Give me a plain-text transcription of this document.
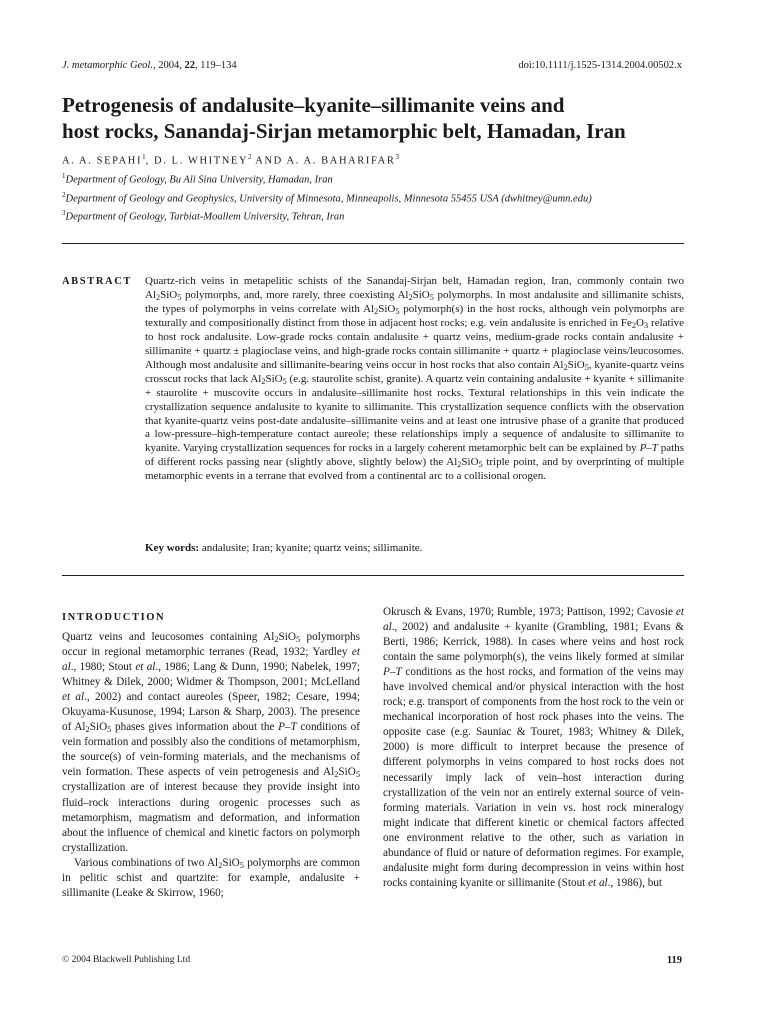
J. metamorphic Geol., 2004, 22, 119–134	doi:10.1111/j.1525-1314.2004.00502.x
Petrogenesis of andalusite–kyanite–sillimanite veins and
host rocks, Sanandaj-Sirjan metamorphic belt, Hamadan, Iran
A. A. SEPAHI$^1$, D. L. WHITNEY$^2$ AND A. A. BAHARIFAR$^3$
$^1$Department of Geology, Bu Ali Sina University, Hamadan, Iran
$^2$Department of Geology and Geophysics, University of Minnesota, Minneapolis, Minnesota 55455 USA (dwhitney@umn.edu)
$^3$Department of Geology, Tarbiat-Moallem University, Tehran, Iran
ABSTRACT Quartz-rich veins in metapelitic schists of the Sanandaj-Sirjan belt, Hamadan region, Iran, commonly contain two $Al_2SiO_5$ polymorphs, and, more rarely, three coexisting $Al_2SiO_5$ polymorphs. In most andalusite and sillimanite schists, the types of polymorphs in veins correlate with $Al_2SiO_5$ polymorph(s) in the host rocks, although vein polymorphs are texturally and compositionally distinct from those in adjacent host rocks; e.g. vein andalusite is enriched in $Fe_2O_3$ relative to host rock andalusite. Low-grade rocks contain andalusite + quartz veins, medium-grade rocks contain andalusite + sillimanite + quartz ± plagioclase veins, and high-grade rocks contain sillimanite + quartz + plagioclase veins/leucosomes. Although most andalusite and sillimanite-bearing veins occur in host rocks that also contain $Al_2SiO_5$, kyanite-quartz veins crosscut rocks that lack $Al_2SiO_5$ (e.g. staurolite schist, granite). A quartz vein containing andalusite + kyanite + sillimanite + staurolite + muscovite occurs in andalusite–sillimanite host rocks. Textural relationships in this vein indicate the crystallization sequence andalusite to kyanite to sillimanite. This crystallization sequence conflicts with the observation that kyanite-quartz veins post-date andalusite–sillimanite veins and at least one intrusive phase of a granite that produced a low-pressure–high-temperature contact aureole; these relationships imply a sequence of andalusite to sillimanite to kyanite. Varying crystallization sequences for rocks in a largely coherent metamorphic belt can be explained by P–T paths of different rocks passing near (slightly above, slightly below) the $Al_2SiO_5$ triple point, and by overprinting of multiple metamorphic events in a terrane that evolved from a continental arc to a collisional orogen.

Key words: andalusite; Iran; kyanite; quartz veins; sillimanite.
INTRODUCTION

Quartz veins and leucosomes containing $Al_2SiO_5$ polymorphs occur in regional metamorphic terranes (Read, 1932; Yardley et al., 1980; Stout et al., 1986; Lang & Dunn, 1990; Nabelek, 1997; Whitney & Dilek, 2000; Widmer & Thompson, 2001; McLelland et al., 2002) and contact aureoles (Speer, 1982; Cesare, 1994; Okuyama-Kusunose, 1994; Larson & Sharp, 2003). The presence of $Al_2SiO_5$ phases gives information about the P–T conditions of vein formation and possibly also the conditions of metamorphism, the source(s) of vein-forming materials, and the mechanisms of vein formation. These aspects of vein petrogenesis and $Al_2SiO_5$ crystallization are of interest because they provide insight into fluid–rock interactions during orogenic processes such as metamorphism, magmatism and deformation, and information about the influence of chemical and kinetic factors on polymorph crystallization.

Various combinations of two $Al_2SiO_5$ polymorphs are common in pelitic schist and quartzite: for example, andalusite + sillimanite (Leake & Skirrow, 1960;

Okrusch & Evans, 1970; Rumble, 1973; Pattison, 1992; Cavosie et al., 2002) and andalusite + kyanite (Grambling, 1981; Evans & Berti, 1986; Kerrick, 1988). In cases where veins and host rock contain the same polymorph(s), the veins likely formed at similar P–T conditions as the host rocks, and formation of the veins may have involved chemical and/or physical interaction with the host rock; e.g. transport of components from the host rock to the vein or mechanical incorporation of host rock phases into the veins. The opposite case (e.g. Sauniac & Touret, 1983; Whitney & Dilek, 2000) is more difficult to interpret because the presence of different polymorphs in veins compared to host rocks does not necessarily imply lack of vein–host interaction during crystallization of the vein nor an entirely external source of vein-forming materials. Variation in vein vs. host rock mineralogy might indicate that different kinetic or chemical factors affected one environment relative to the other, such as variation in abundance of fluid or nature of deformation regimes. For example, andalusite might form during decompression in veins within host rocks containing kyanite or sillimanite (Stout et al., 1986), but

© 2004 Blackwell Publishing Ltd	119
